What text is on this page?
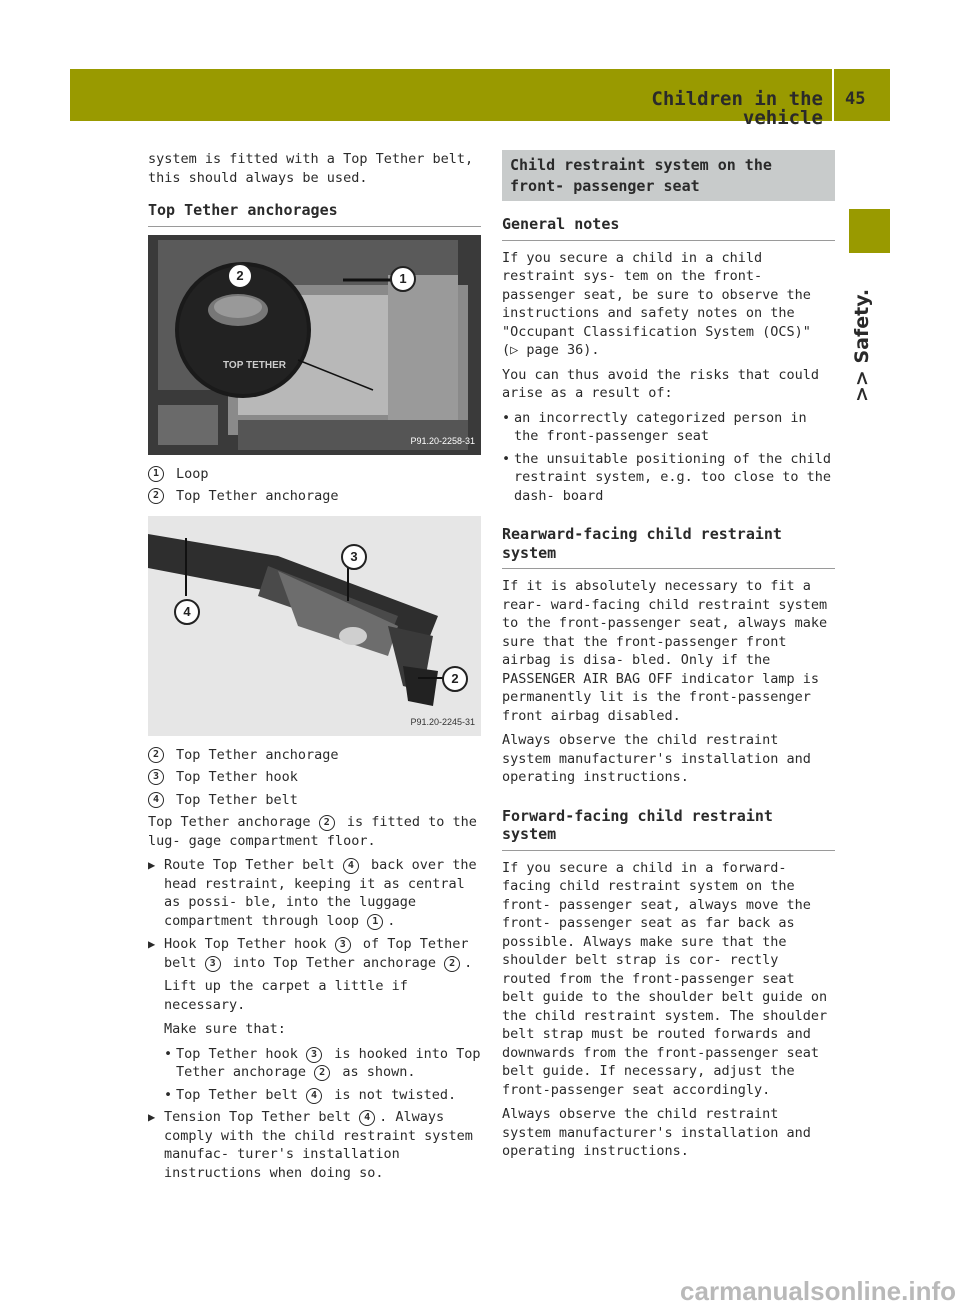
Children in the vehicle
45
>> Safety.

system is fitted with a Top Tether belt, this should always be used.

Top Tether anchorages
TOP TETHER
2	1
P91.20-2258-31
1	Loop
2	Top Tether anchorage
3
4
2
P91.20-2245-31
2	Top Tether anchorage
3	Top Tether hook
4	Top Tether belt

Top Tether anchorage 2 is fitted to the lug- gage compartment floor.

▶ Route Top Tether belt 4 back over the head restraint, keeping it as central as possi- ble, into the luggage compartment through loop 1 .
▶ Hook Top Tether hook 3 of Top Tether belt 3 into Top Tether anchorage 2 .

Lift up the carpet a little if necessary.

Make sure that:

• Top Tether hook 3 is hooked into Top Tether anchorage 2 as shown.
• Top Tether belt 4 is not twisted.
▶ Tension Top Tether belt 4 . Always comply with the child restraint system manufac- turer's installation instructions when doing so.
Child restraint system on the front- passenger seat
General notes

If you secure a child in a child restraint sys- tem on the front-passenger seat, be sure to observe the instructions and safety notes on the "Occupant Classification System (OCS)" (▷ page 36).

You can thus avoid the risks that could arise as a result of:

• an incorrectly categorized person in the front-passenger seat
• the unsuitable positioning of the child restraint system, e.g. too close to the dash- board
Rearward-facing child restraint system

If it is absolutely necessary to fit a rear- ward-facing child restraint system to the front-passenger seat, always make sure that the front-passenger front airbag is disa- bled. Only if the PASSENGER AIR BAG OFF indicator lamp is permanently lit is the front-passenger front airbag disabled.

Always observe the child restraint system manufacturer's installation and operating instructions.

Forward-facing child restraint system

If you secure a child in a forward-facing child restraint system on the front- passenger seat, always move the front- passenger seat as far back as possible. Always make sure that the shoulder belt strap is cor- rectly routed from the front-passenger seat belt guide to the shoulder belt guide on the child restraint system. The shoulder belt strap must be routed forwards and downwards from the front-passenger seat belt guide. If necessary, adjust the front-passenger seat accordingly.

Always observe the child restraint system manufacturer's installation and operating instructions.

carmanualsonline.info
